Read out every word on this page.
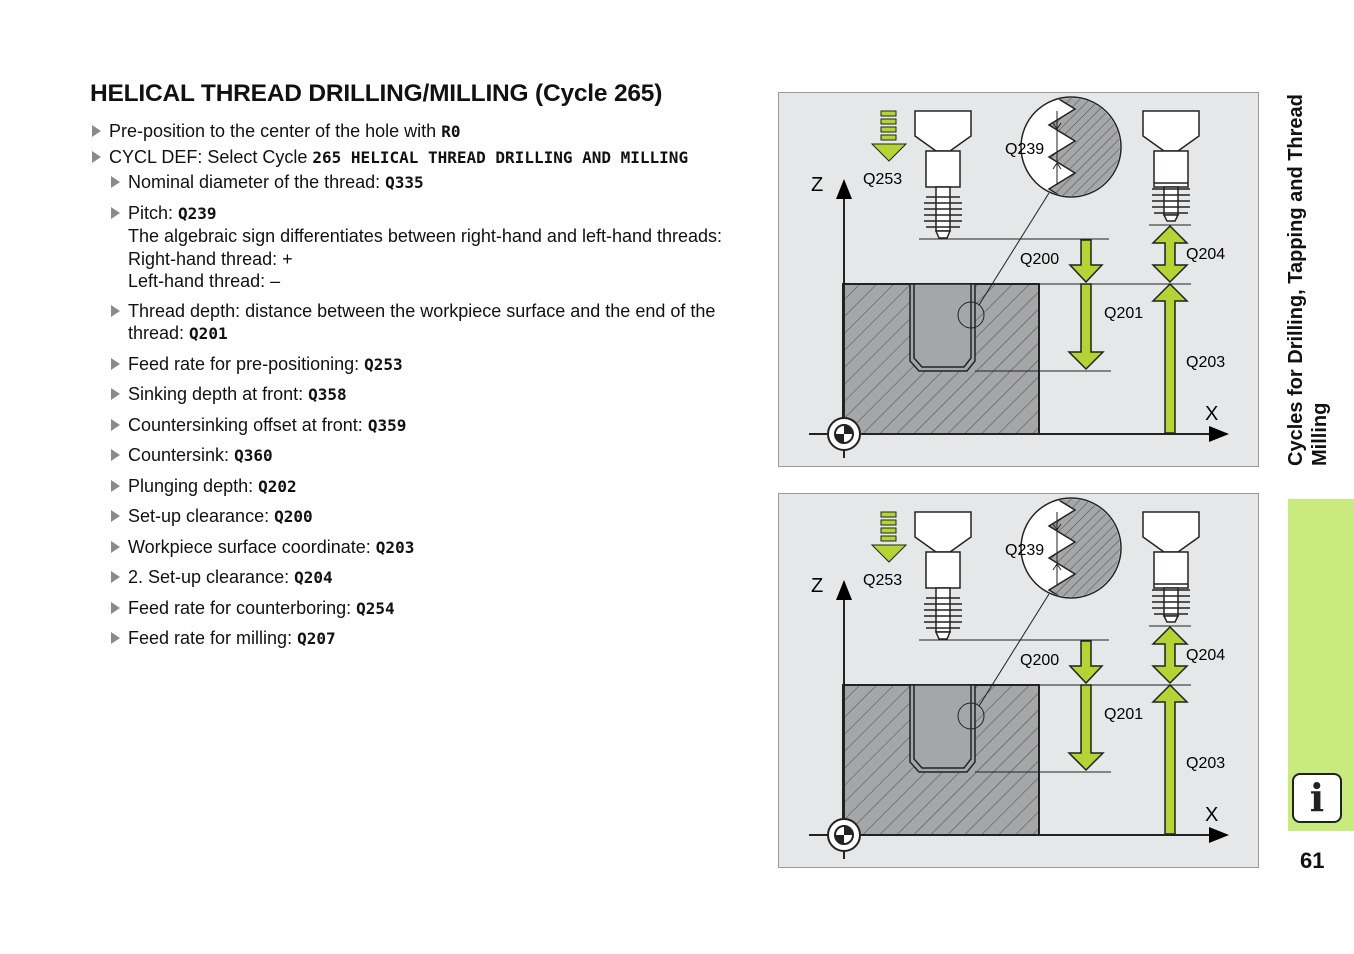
HELICAL THREAD DRILLING/MILLING (Cycle 265)
Pre-position to the center of the hole with R0
CYCL DEF: Select Cycle 265 HELICAL THREAD DRILLING AND MILLING
Nominal diameter of the thread: Q335
Pitch: Q239
The algebraic sign differentiates between right-hand and left-hand threads:
Right-hand thread: +
Left-hand thread: –
Thread depth: distance between the workpiece surface and the end of the thread: Q201
Feed rate for pre-positioning: Q253
Sinking depth at front: Q358
Countersinking offset at front: Q359
Countersink: Q360
Plunging depth: Q202
Set-up clearance: Q200
Workpiece surface coordinate: Q203
2. Set-up clearance: Q204
Feed rate for counterboring: Q254
Feed rate for milling: Q207
Z
X
Q253
Q239
Q200
Q201
Q204
Q203
Z
X
Q253
Q239
Q200
Q201
Q204
Q203
Cycles for Drilling, Tapping and Thread Milling
i
61
